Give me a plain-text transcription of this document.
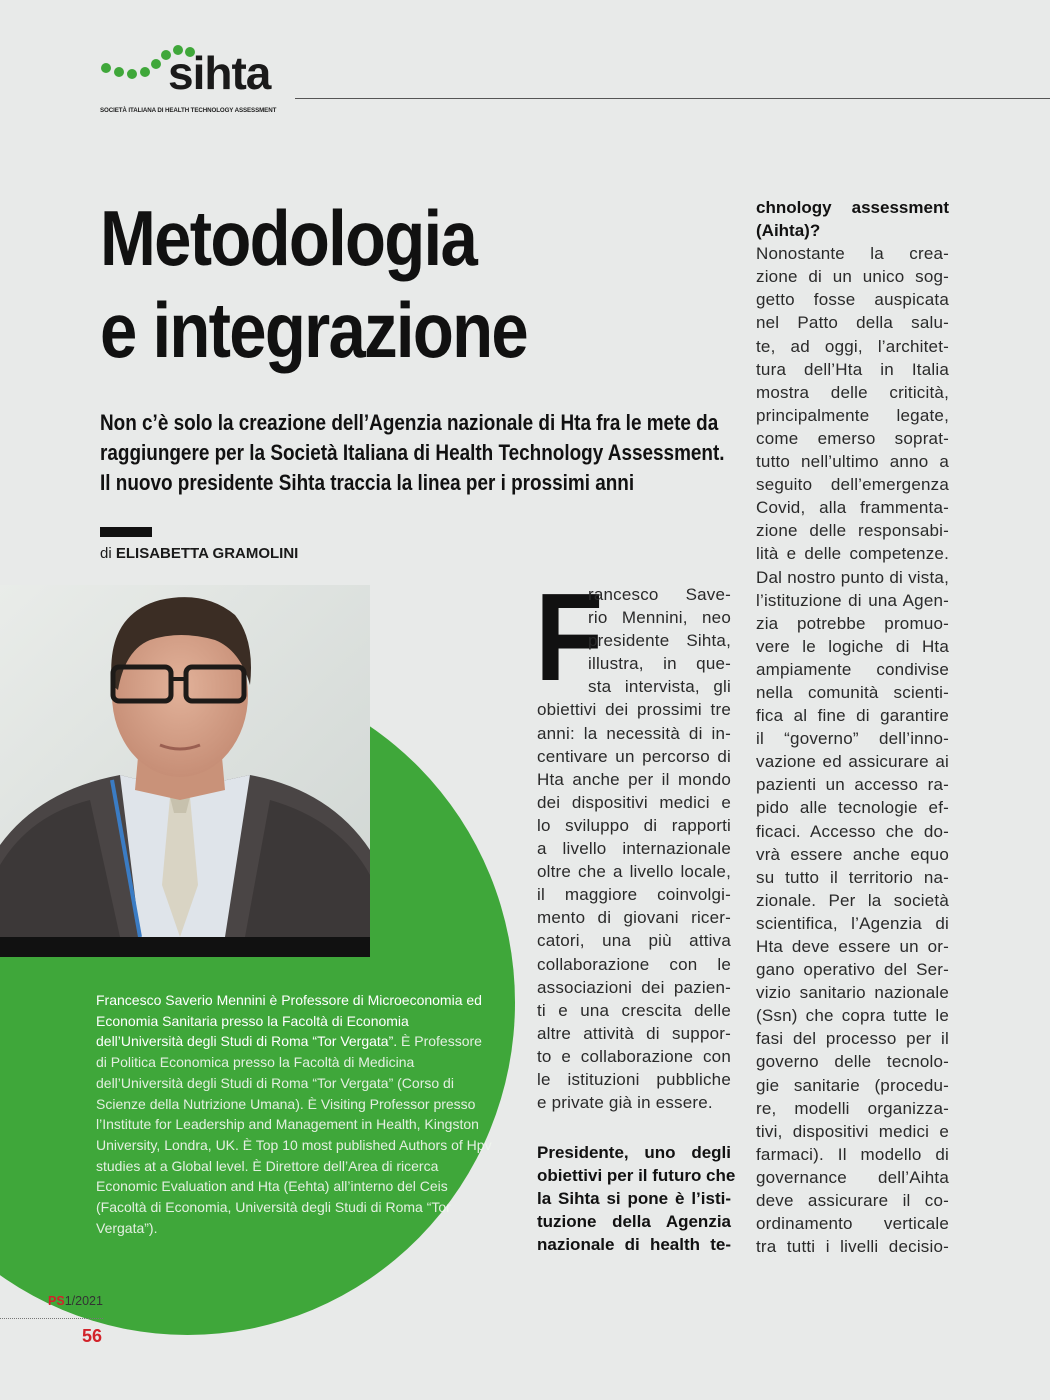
sihta
SOCIETÀ ITALIANA DI HEALTH TECHNOLOGY ASSESSMENT
Metodologia
e integrazione

Non c’è solo la creazione dell’Agenzia nazionale di Hta fra le mete da
raggiungere per la Società Italiana di Health Technology Assessment.
Il nuovo presidente Sihta traccia la linea per i prossimi anni

di ELISABETTA GRAMOLINI
Francesco Saverio Mennini è Professore di Microeconomia ed Economia Sanitaria presso la Facoltà di Economia dell’Università degli Studi di Roma “Tor Vergata”. È Professore di Politica Economica presso la Facoltà di Medicina dell’Università degli Studi di Roma “Tor Vergata” (Corso di Scienze della Nutrizione Umana). È Visiting Professor presso l’Institute for Leadership and Management in Health, Kingston University, Londra, UK. È Top 10 most published Authors of Hpv studies at a Global level. È Direttore dell’Area di ricerca Economic Evaluation and Hta (Eehta) all’interno del Ceis (Facoltà di Economia, Università degli Studi di Roma “Tor Vergata”).
PS1/2021
56
F
rancesco Save-
rio Mennini, neo
presidente Sihta,
illustra, in que-
sta intervista, gli
obiettivi dei prossimi tre
anni: la necessità di in-
centivare un percorso di
Hta anche per il mondo
dei dispositivi medici e
lo sviluppo di rapporti
a livello internazionale
oltre che a livello locale,
il maggiore coinvolgi-
mento di giovani ricer-
catori, una più attiva
collaborazione con le
associazioni dei pazien-
ti e una crescita delle
altre attività di suppor-
to e collaborazione con
le istituzioni pubbliche
e private già in essere.
Presidente, uno degli
obiettivi per il futuro che
la Sihta si pone è l’isti-
tuzione della Agenzia
nazionale di health te-
chnology assessment
(Aihta)?
Nonostante la crea-
zione di un unico sog-
getto fosse auspicata
nel Patto della salu-
te, ad oggi, l’architet-
tura dell’Hta in Italia
mostra delle criticità,
principalmente legate,
come emerso soprat-
tutto nell’ultimo anno a
seguito dell’emergenza
Covid, alla frammenta-
zione delle responsabi-
lità e delle competenze.
Dal nostro punto di vista,
l’istituzione di una Agen-
zia potrebbe promuo-
vere le logiche di Hta
ampiamente condivise
nella comunità scienti-
fica al fine di garantire
il “governo” dell’inno-
vazione ed assicurare ai
pazienti un accesso ra-
pido alle tecnologie ef-
ficaci. Accesso che do-
vrà essere anche equo
su tutto il territorio na-
zionale. Per la società
scientifica, l’Agenzia di
Hta deve essere un or-
gano operativo del Ser-
vizio sanitario nazionale
(Ssn) che copra tutte le
fasi del processo per il
governo delle tecnolo-
gie sanitarie (procedu-
re, modelli organizza-
tivi, dispositivi medici e
farmaci). Il modello di
governance dell’Aihta
deve assicurare il co-
ordinamento verticale
tra tutti i livelli decisio-
